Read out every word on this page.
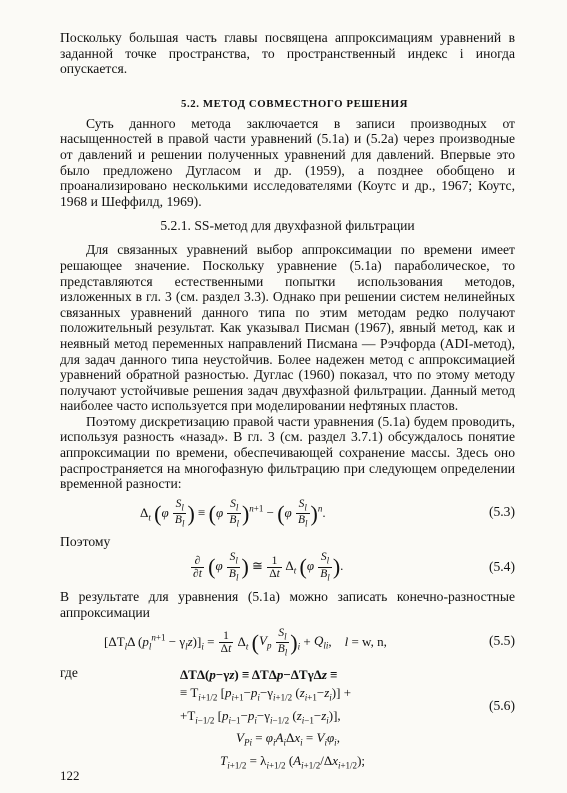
Поскольку большая часть главы посвящена аппроксимациям уравнений в заданной точке пространства, то пространственный индекс i иногда опускается.

5.2. МЕТОД СОВМЕСТНОГО РЕШЕНИЯ

Суть данного метода заключается в записи производных от насыщенностей в правой части уравнений (5.1а) и (5.2а) через производные от давлений и решении полученных уравнений для давлений. Впервые это было предложено Дугласом и др. (1959), а позднее обобщено и проанализировано несколькими исследователями (Коутс и др., 1967; Коутс, 1968 и Шеффилд, 1969).

5.2.1. SS-метод для двухфазной фильтрации

Для связанных уравнений выбор аппроксимации по времени имеет решающее значение. Поскольку уравнение (5.1а) параболическое, то представляются естественными попытки использования методов, изложенных в гл. 3 (см. раздел 3.3). Однако при решении систем нелинейных связанных уравнений данного типа по этим методам редко получают положительный результат. Как указывал Писман (1967), явный метод, как и неявный метод переменных направлений Писмана — Рэчфорда (ADI-метод), для задач данного типа неустойчив. Более надежен метод с аппроксимацией уравнений обратной разностью. Дуглас (1960) показал, что по этому методу получают устойчивые решения задач двухфазной фильтрации. Данный метод наиболее часто используется при моделировании нефтяных пластов.

Поэтому дискретизацию правой части уравнения (5.1а) будем проводить, используя разность «назад». В гл. 3 (см. раздел 3.7.1) обсуждалось понятие аппроксимации по времени, обеспечивающей сохранение массы. Здесь оно распространяется на многофазную фильтрацию при следующем определении временной разности:

$\Delta_t$ ($\varphi \frac{S_l}{B_l}$ ) ≡ $(\varphi \frac{S_l}{B_l} )^{n+1} - (\varphi \frac{S_l}{B_l} )^n$.	(5.3)

Поэтому

$\frac{\partial}{\partial t} (\varphi \frac{S_l}{B_l}$ ) ≅ $\frac{1}{\Delta t} \Delta_t$ ($\varphi \frac{S_l}{B_l}$ ).	(5.4)

В результате для уравнения (5.1а) можно записать конечно-разностные аппроксимации

[$\Delta T_l\Delta$ $(p_l^{n+1} - \gamma_lz)]_i = \frac{1}{\Delta t} \Delta_t$ $(V_p \frac{S_l}{B_l} )_i + Q_{li}$,    l = w, n,	(5.5)

где	ΔTΔ(p−γz) ≡ ΔTΔp−ΔTγΔz ≡
≡ $T_{i+1/2}$ [$p_{i+1}-p_i-\gamma_{i+1/2}$ $(z_{i+1}-z_i)$] +
$+T_{i-1/2}$ [$p_{i-1}-p_i-\gamma_{i-1/2}$ $(z_{i-1}-z_i)$],
$V_{Pi} = \varphi_iA_i\Delta x_i = V_i\varphi_i$,
$T_{i+1/2} = \lambda_{i+1/2}$ $(A_{i+1/2}/\Delta x_{i+1/2})$;
(5.6)
122
